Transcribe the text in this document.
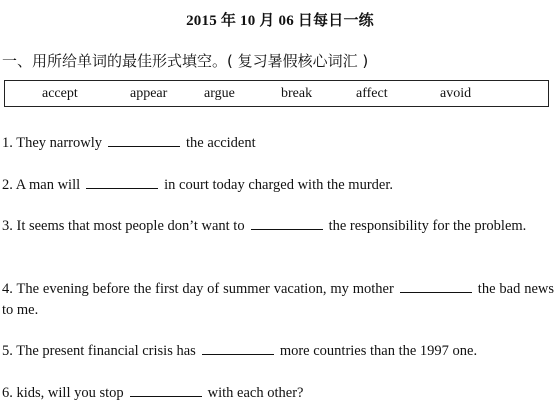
2015 年 10 月 06 日每日一练
一、用所给单词的最佳形式填空。( 复习暑假核心词汇 )
accept	appear	argue	break	affect	avoid
1. They narrowly	the accident
2. A man will	in court today charged with the murder.
3. It seems that most people don’t want to	the responsibility for the problem.
4. The evening before the first day of summer vacation, my mother	the bad news to me.
5. The present financial crisis has	more countries than the 1997 one.
6. kids, will you stop	with each other?
